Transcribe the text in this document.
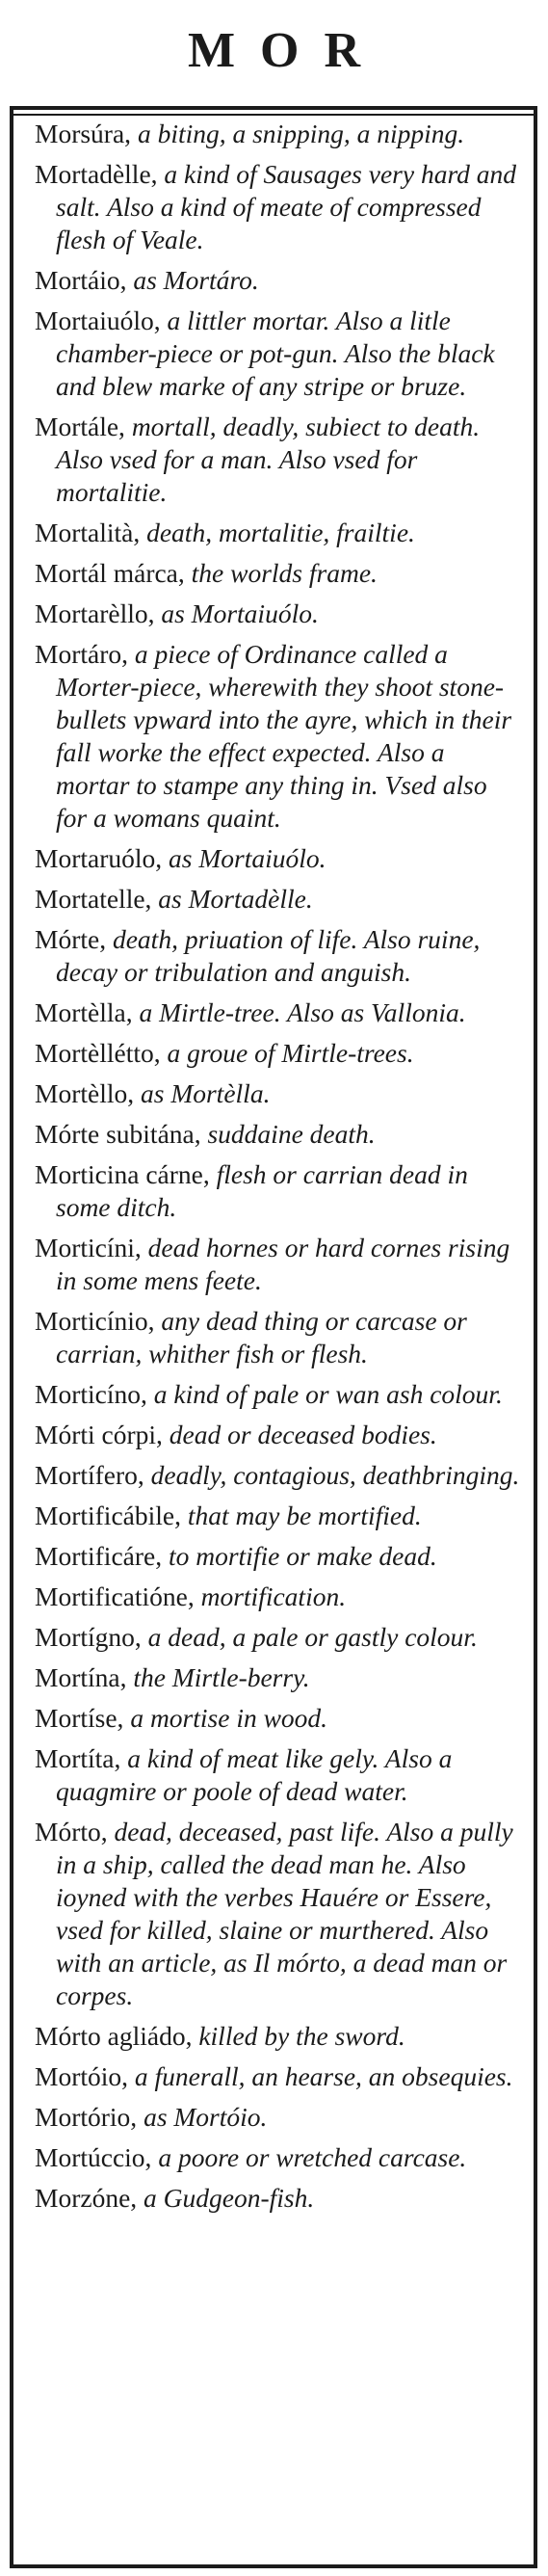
MOR
Morsúra, a biting, a snipping, a nipping.
Mortadèlle, a kind of Sausages very hard and salt. Also a kind of meate of compressed flesh of Veale.
Mortáio, as Mortáro.
Mortaiuólo, a littler mortar. Also a litle chamber-piece or pot-gun. Also the black and blew marke of any stripe or bruze.
Mortále, mortall, deadly, subiect to death. Also vsed for a man. Also vsed for mortalitie.
Mortalità, death, mortalitie, frailtie.
Mortál márca, the worlds frame.
Mortarèllo, as Mortaiuólo.
Mortáro, a piece of Ordinance called a Morter-piece, wherewith they shoot stone-bullets vpward into the ayre, which in their fall worke the effect expected. Also a mortar to stampe any thing in. Vsed also for a womans quaint.
Mortaruólo, as Mortaiuólo.
Mortatelle, as Mortadèlle.
Mórte, death, priuation of life. Also ruine, decay or tribulation and anguish.
Mortèlla, a Mirtle-tree. Also as Vallonia.
Mortèllétto, a groue of Mirtle-trees.
Mortèllo, as Mortèlla.
Mórte subitána, suddaine death.
Morticina cárne, flesh or carrian dead in some ditch.
Morticíni, dead hornes or hard cornes rising in some mens feete.
Morticínio, any dead thing or carcase or carrian, whither fish or flesh.
Morticíno, a kind of pale or wan ash colour.
Mórti córpi, dead or deceased bodies.
Mortífero, deadly, contagious, deathbringing.
Mortificábile, that may be mortified.
Mortificáre, to mortifie or make dead.
Mortificatióne, mortification.
Mortígno, a dead, a pale or gastly colour.
Mortína, the Mirtle-berry.
Mortíse, a mortise in wood.
Mortíta, a kind of meat like gely. Also a quagmire or poole of dead water.
Mórto, dead, deceased, past life. Also a pully in a ship, called the dead man he. Also ioyned with the verbes Hauére or Essere, vsed for killed, slaine or murthered. Also with an article, as Il mórto, a dead man or corpes.
Mórto agliádo, killed by the sword.
Mortóio, a funerall, an hearse, an obsequies.
Mortório, as Mortóio.
Mortúccio, a poore or wretched carcase.
Morzóne, a Gudgeon-fish.
